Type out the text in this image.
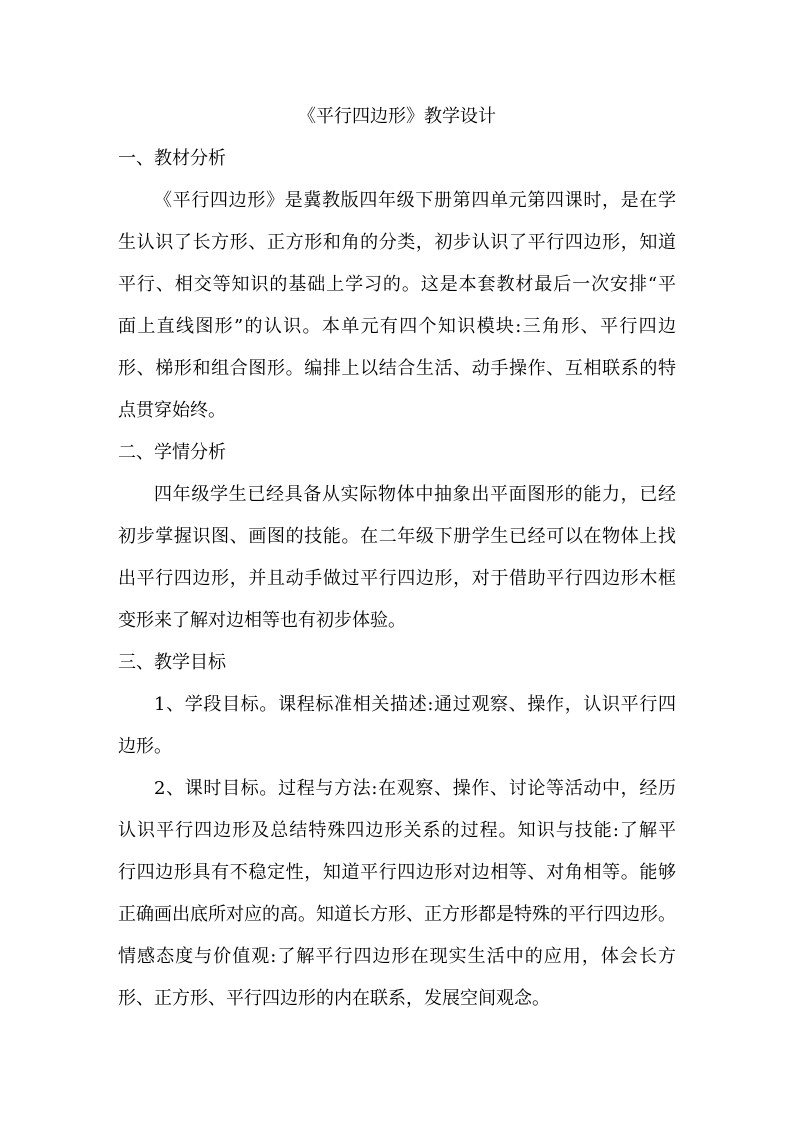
《平行四边形》教学设计
一、教材分析
《平行四边形》是冀教版四年级下册第四单元第四课时，是在学
生认识了长方形、正方形和角的分类，初步认识了平行四边形，知道
平行、相交等知识的基础上学习的。这是本套教材最后一次安排“平
面上直线图形”的认识。本单元有四个知识模块:三角形、平行四边
形、梯形和组合图形。编排上以结合生活、动手操作、互相联系的特
点贯穿始终。
二、学情分析
四年级学生已经具备从实际物体中抽象出平面图形的能力，已经
初步掌握识图、画图的技能。在二年级下册学生已经可以在物体上找
出平行四边形，并且动手做过平行四边形，对于借助平行四边形木框
变形来了解对边相等也有初步体验。
三、教学目标
1、学段目标。课程标准相关描述:通过观察、操作，认识平行四
边形。
2、课时目标。过程与方法:在观察、操作、讨论等活动中，经历
认识平行四边形及总结特殊四边形关系的过程。知识与技能:了解平
行四边形具有不稳定性，知道平行四边形对边相等、对角相等。能够
正确画出底所对应的高。知道长方形、正方形都是特殊的平行四边形。
情感态度与价值观:了解平行四边形在现实生活中的应用，体会长方
形、正方形、平行四边形的内在联系，发展空间观念。
